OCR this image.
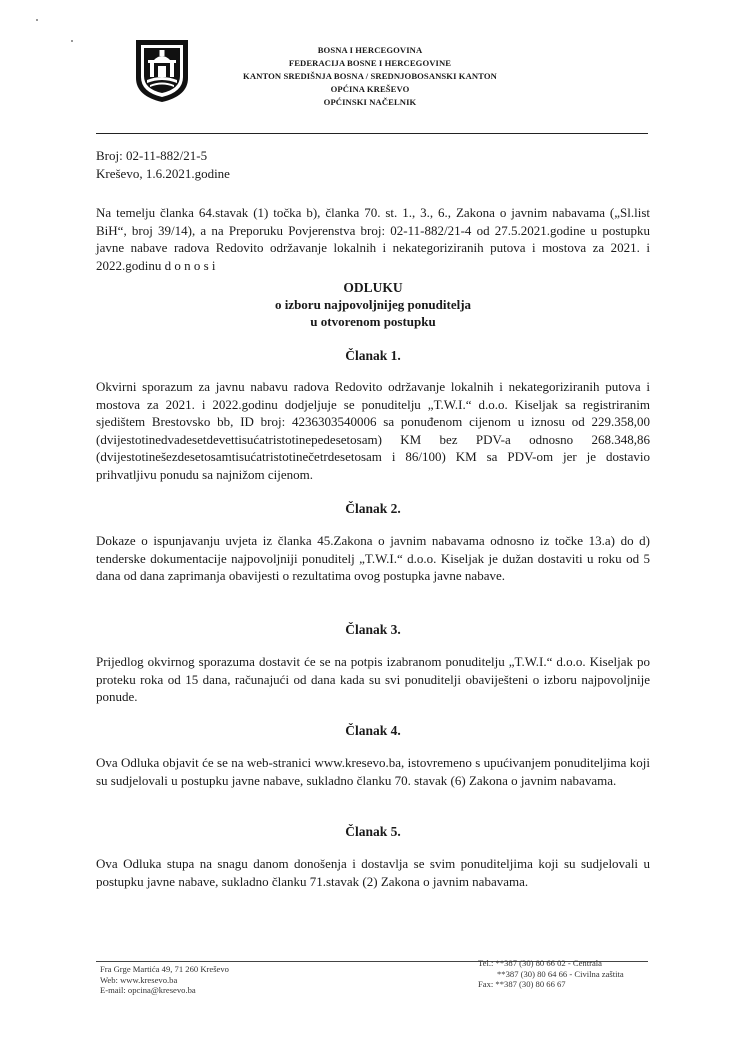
BOSNA I HERCEGOVINA
FEDERACIJA BOSNE I HERCEGOVINE
KANTON SREDIŠNJA BOSNA / SREDNJOBOSANSKI KANTON
OPĆINA KREŠEVO
OPĆINSKI NAČELNIK
Broj: 02-11-882/21-5
Kreševo, 1.6.2021.godine
Na temelju članka 64.stavak (1) točka b), članka 70. st. 1., 3., 6., Zakona o javnim nabavama („Sl.list BiH“, broj 39/14), a na Preporuku Povjerenstva broj: 02-11-882/21-4 od 27.5.2021.godine u postupku javne nabave radova Redovito održavanje lokalnih i nekategoriziranih putova i mostova za 2021. i 2022.godinu d o n o s i
ODLUKU
o izboru najpovoljnijeg ponuditelja
u otvorenom postupku
Članak 1.
Okvirni sporazum za javnu nabavu radova Redovito održavanje lokalnih i nekategoriziranih putova i mostova za 2021. i 2022.godinu dodjeljuje se ponuditelju „T.W.I.“ d.o.o. Kiseljak sa registriranim sjedištem Brestovsko bb, ID broj: 4236303540006 sa ponuđenom cijenom u iznosu od 229.358,00 (dvijestotinedvadesetdevettisućatristotinepedesetosam) KM bez PDV-a odnosno 268.348,86 (dvijestotinešezdesetosamtisućatristotinečetrdesetosam i 86/100) KM sa PDV-om jer je dostavio prihvatljivu ponudu sa najnižom cijenom.
Članak 2.
Dokaze o ispunjavanju uvjeta iz članka 45.Zakona o javnim nabavama odnosno iz točke 13.a) do d) tenderske dokumentacije najpovoljniji ponuditelj „T.W.I.“ d.o.o. Kiseljak je dužan dostaviti u roku od 5 dana od dana zaprimanja obavijesti o rezultatima ovog postupka javne nabave.
Članak 3.
Prijedlog okvirnog sporazuma dostavit će se na potpis izabranom ponuditelju „T.W.I.“ d.o.o. Kiseljak po proteku roka od 15 dana, računajući od dana kada su svi ponuditelji obaviješteni o izboru najpovoljnije ponude.
Članak 4.
Ova Odluka objavit će se na web-stranici www.kresevo.ba, istovremeno s upućivanjem ponuditeljima koji su sudjelovali u postupku javne nabave, sukladno članku 70. stavak (6) Zakona o javnim nabavama.
Članak 5.
Ova Odluka stupa na snagu danom donošenja i dostavlja se svim ponuditeljima koji su sudjelovali u postupku javne nabave, sukladno članku 71.stavak (2) Zakona o javnim nabavama.
Fra Grge Martića 49, 71 260 Kreševo
Web: www.kresevo.ba
E-mail: opcina@kresevo.ba
Tel.: **387 (30) 80 66 02 - Centrala
**387 (30) 80 64 66 - Civilna zaštita
Fax: **387 (30) 80 66 67
